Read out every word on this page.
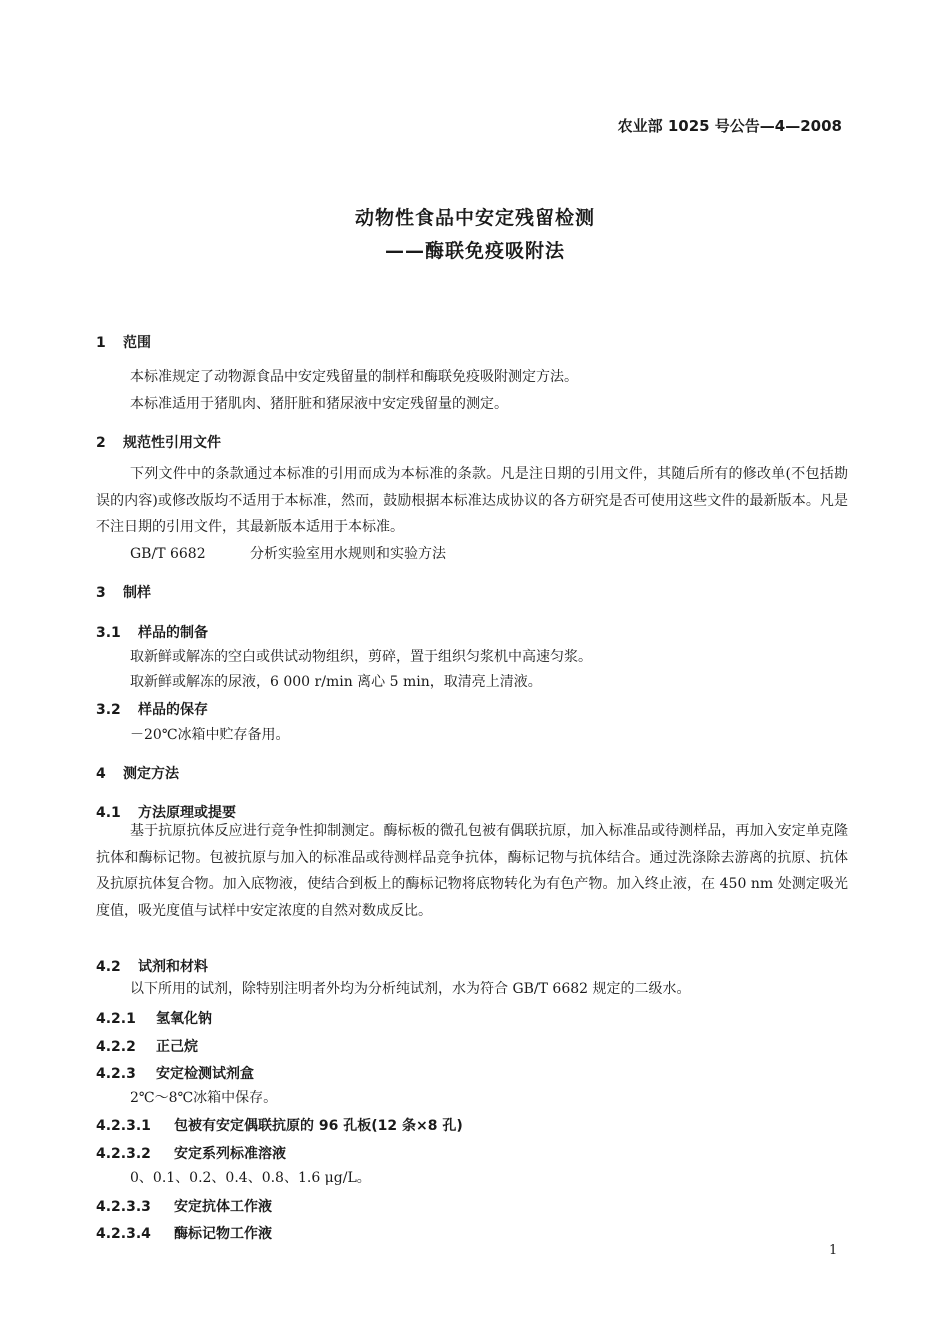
农业部 1025 号公告—4—2008
动物性食品中安定残留检测
——酶联免疫吸附法
1 范围
本标准规定了动物源食品中安定残留量的制样和酶联免疫吸附测定方法。
本标准适用于猪肌肉、猪肝脏和猪尿液中安定残留量的测定。
2 规范性引用文件

下列文件中的条款通过本标准的引用而成为本标准的条款。凡是注日期的引用文件，其随后所有的修改单(不包括勘误的内容)或修改版均不适用于本标准，然而，鼓励根据本标准达成协议的各方研究是否可使用这些文件的最新版本。凡是不注日期的引用文件，其最新版本适用于本标准。

GB/T 6682	分析实验室用水规则和实验方法
3 制样
3.1 样品的制备
取新鲜或解冻的空白或供试动物组织，剪碎，置于组织匀浆机中高速匀浆。
取新鲜或解冻的尿液，6 000 r/min 离心 5 min，取清亮上清液。
3.2 样品的保存
－20℃冰箱中贮存备用。
4 测定方法
4.1 方法原理或提要

基于抗原抗体反应进行竞争性抑制测定。酶标板的微孔包被有偶联抗原，加入标准品或待测样品，再加入安定单克隆抗体和酶标记物。包被抗原与加入的标准品或待测样品竞争抗体，酶标记物与抗体结合。通过洗涤除去游离的抗原、抗体及抗原抗体复合物。加入底物液，使结合到板上的酶标记物将底物转化为有色产物。加入终止液，在 450 nm 处测定吸光度值，吸光度值与试样中安定浓度的自然对数成反比。

4.2 试剂和材料
以下所用的试剂，除特别注明者外均为分析纯试剂，水为符合 GB/T 6682 规定的二级水。
4.2.1 氢氧化钠
4.2.2 正己烷
4.2.3 安定检测试剂盒
2℃～8℃冰箱中保存。
4.2.3.1 包被有安定偶联抗原的 96 孔板(12 条×8 孔)
4.2.3.2 安定系列标准溶液
0、0.1、0.2、0.4、0.8、1.6 μg/L。
4.2.3.3 安定抗体工作液
4.2.3.4 酶标记物工作液
1
